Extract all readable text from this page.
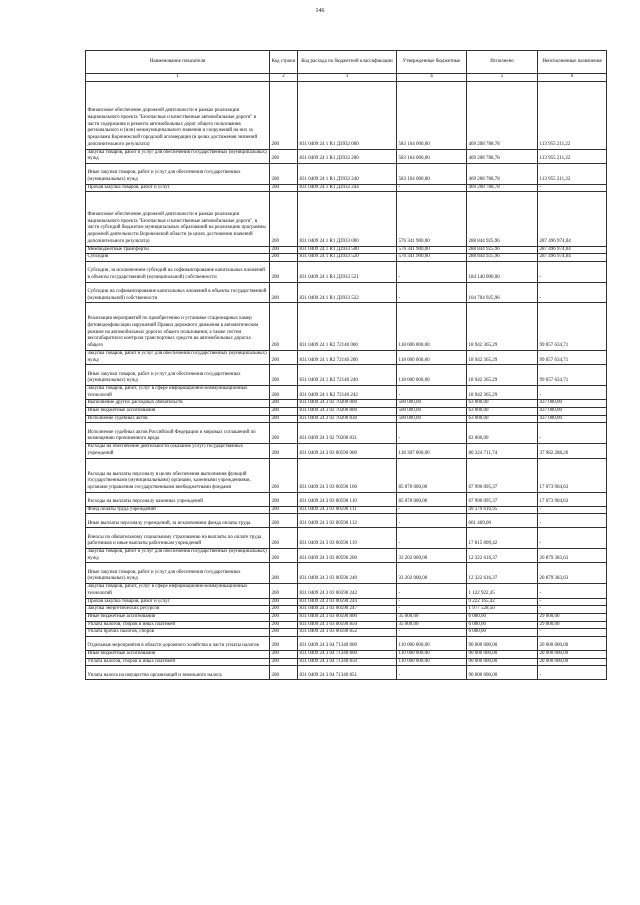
146
Наименование показателя	Код строки	Код расхода по бюджетной классификации	Утвержденные бюджетные	Исполнено	Неисполненные назначения
1	2	3	4	5	6
Финансовое обеспечение дорожной деятельности в рамках реализации национального проекта "Безопасные и качественные автомобильные дороги" в части содержания и ремонта автомобильных дорог общего пользования регионального и (или) межмуниципального значения и сооружений на них за пределами Воронежской городской агломерации (в целях достижения значений дополнительного результата)	200	831 0409 24 1 R1 Д3932 000	583 164 000,00	469 208 788,78	113 955 211,22
Закупка товаров, работ и услуг для обеспечения государственных (муниципальных) нужд	200	831 0409 24 1 R1 Д3932 200	583 164 000,00	469 208 788,78	113 955 211,22
Иные закупки товаров, работ и услуг для обеспечения государственных (муниципальных) нужд	200	831 0409 24 1 R1 Д3932 240	583 164 000,00	469 208 788,78	113 955 211,22
Прочая закупка товаров, работ и услуг	200	831 0409 24 1 R1 Д3932 244	-	469 208 788,78	-
Финансовое обеспечение дорожной деятельности в рамках реализации национального проекта "Безопасные и качественные автомобильные дороги", в части субсидий бюджетам муниципальных образований на реализацию программы дорожной деятельности Воронежской области (в целях достижения значений дополнительного результата)	200	831 0409 24 1 R1 Д3933 000	576 341 900,00	288 844 925,96	287 496 974,04
Межбюджетные трансферты	200	831 0409 24 1 R1 Д3933 500	576 341 900,00	288 844 925,96	287 496 974,04
Субсидии	200	831 0409 24 1 R1 Д3933 520	576 341 900,00	288 844 925,96	287 496 974,04
Субсидии, за исключением субсидий на софинансирование капитальных вложений в объекты государственной (муниципальной) собственности	200	831 0409 24 1 R1 Д3933 521	-	184 140 000,00	-
Субсидии на софинансирование капитальных вложений в объекты государственной (муниципальной) собственности	200	831 0409 24 1 R1 Д3933 522	-	104 704 925,96	-
Реализация мероприятий по приобретению и установке стационарных камер фотовидеофиксации нарушений Правил дорожного движения в автоматическом режиме на автомобильных дорогах общего пользования, а также систем весогабаритного контроля транспортных средств на автомобильных дорогах общего	200	831 0409 24 1 R2 72140 000	118 000 000,00	18 942 365,29	99 057 634,71
Закупка товаров, работ и услуг для обеспечения государственных (муниципальных) нужд	200	831 0409 24 1 R2 72140 200	118 000 000,00	18 942 365,29	99 057 634,71
Иные закупки товаров, работ и услуг для обеспечения государственных (муниципальных) нужд	200	831 0409 24 1 R2 72140 240	118 000 000,00	18 942 365,29	99 057 634,71
Закупка товаров, работ, услуг в сфере информационно-коммуникационных технологий	200	831 0409 24 1 R2 72140 242	-	18 942 365,29	-
Выполнение других расходных обязательств	200	831 0409 24 3 02 70200 000	500 000,00	63 000,00	437 000,00
Иные бюджетные ассигнования	200	831 0409 24 3 02 70200 800	500 000,00	63 000,00	437 000,00
Исполнение судебных актов	200	831 0409 24 3 02 70200 830	500 000,00	63 000,00	437 000,00
Исполнение судебных актов Российской Федерации и мировых соглашений по возмещению причиненного вреда	200	831 0409 24 3 02 70200 831	-	63 000,00	-
Расходы на обеспечение деятельности (оказание услуг) государственных учреждений	200	831 0409 24 3 03 00590 000	118 307 000,00	80 324 711,74	37 982 288,26
Расходы на выплаты персоналу в целях обеспечения выполнения функций государственными (муниципальными) органами, казенными учреждениями, органами управления государственными внебюджетными фондами	200	831 0409 24 3 03 00590 100	85 070 000,00	67 996 095,37	17 073 904,63
Расходы на выплаты персоналу казенных учреждений	200	831 0409 24 3 03 00590 110	85 070 000,00	67 996 095,37	17 073 904,63
Фонд оплаты труда учреждений	200	831 0409 24 3 03 00590 111	-	49 379 616,95	-
Иные выплаты персоналу учреждений, за исключением фонда оплаты труда	200	831 0409 24 3 03 00590 112	-	601 469,00	-
Взносы по обязательному социальному страхованию на выплаты по оплате труда работников и иные выплаты работникам учреждений	200	831 0409 24 3 03 00590 119	-	17 815 009,42	-
Закупка товаров, работ и услуг для обеспечения государственных (муниципальных) нужд	200	831 0409 24 3 03 00590 200	33 202 000,00	12 322 616,37	20 879 383,63
Иные закупки товаров, работ и услуг для обеспечения государственных (муниципальных) нужд	200	831 0409 24 3 03 00590 240	33 202 000,00	12 322 616,37	20 879 383,63
Закупка товаров, работ, услуг в сфере информационно-коммуникационных технологий	200	831 0409 24 3 03 00590 242	-	1 122 922,45	-
Прочая закупка товаров, работ и услуг	200	831 0409 24 3 03 00590 244	-	9 222 165,42	-
Закупка энергетических ресурсов	200	831 0409 24 3 03 00590 247	-	1 977 528,50	-
Иные бюджетные ассигнования	200	831 0409 24 3 03 00590 800	35 000,00	6 000,00	29 000,00
Уплата налогов, сборов и иных платежей	200	831 0409 24 3 03 00590 850	35 000,00	6 000,00	29 000,00
Уплата прочих налогов, сборов	200	831 0409 24 3 03 00590 852	-	6 000,00	-
Отдельные мероприятия в области дорожного хозяйства в части уплаты налогов	200	831 0409 24 3 04 71340 000	110 000 000,00	90 000 000,00	20 000 000,00
Иные бюджетные ассигнования	200	831 0409 24 3 04 71340 800	110 000 000,00	90 000 000,00	20 000 000,00
Уплата налогов, сборов и иных платежей	200	831 0409 24 3 04 71340 850	110 000 000,00	90 000 000,00	20 000 000,00
Уплата налога на имущество организаций и земельного налога	200	831 0409 24 3 04 71340 851	-	90 000 000,00	-
